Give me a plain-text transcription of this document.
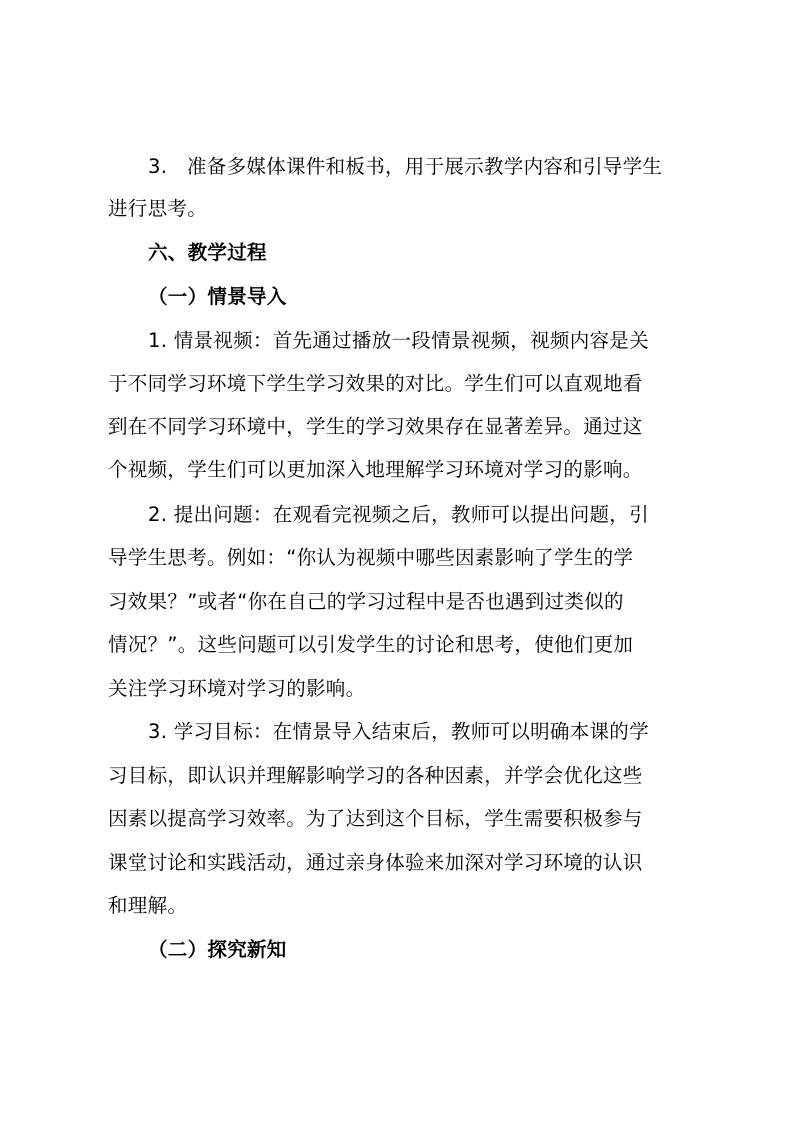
3.　准备多媒体课件和板书，用于展示教学内容和引导学生
进行思考。
六、教学过程
（一）情景导入
1. 情景视频：首先通过播放一段情景视频，视频内容是关
于不同学习环境下学生学习效果的对比。学生们可以直观地看
到在不同学习环境中，学生的学习效果存在显著差异。通过这
个视频，学生们可以更加深入地理解学习环境对学习的影响。
2. 提出问题：在观看完视频之后，教师可以提出问题，引
导学生思考。例如：“你认为视频中哪些因素影响了学生的学
习效果？”或者“你在自己的学习过程中是否也遇到过类似的
情况？”。这些问题可以引发学生的讨论和思考，使他们更加
关注学习环境对学习的影响。
3. 学习目标：在情景导入结束后，教师可以明确本课的学
习目标，即认识并理解影响学习的各种因素，并学会优化这些
因素以提高学习效率。为了达到这个目标，学生需要积极参与
课堂讨论和实践活动，通过亲身体验来加深对学习环境的认识
和理解。
（二）探究新知
